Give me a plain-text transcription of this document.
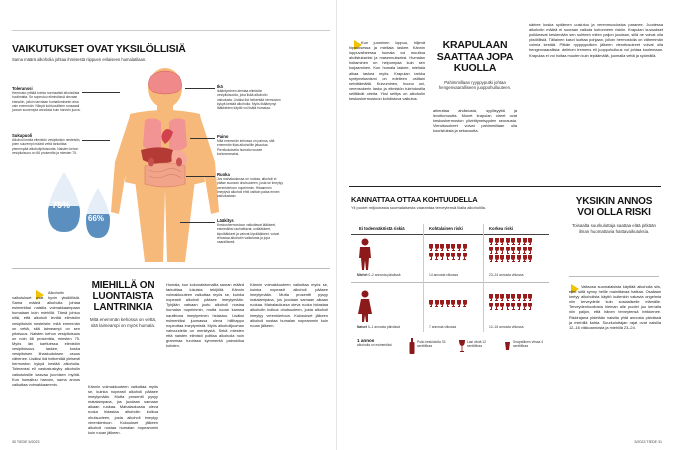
VAIKUTUKSET OVAT YKSILÖLLISIÄ
Sama määrä alkoholia johtaa ihmisestä riippuen erilaiseen humalatilaan.
Toleranssi
Hermosto yrittää toimia normaalisti alkoholista huolimatta. Se sopeutuu elimistössä olevaan etanoliin, jolloin tarvitaan humaltumiseen aina vain enemmän. Niinpä kohtuuullisen runsaasti juovan suurempia annoksia kuin harvoin juova.
Sukupuoli
Alkoholi leviää elimistön vesipitoisiin nesteisiin, joten suurempi määrä vettä tarkoittaa pienempää alkoholipitoisuutta. Naisten kehon vesipitoisuus on 66 prosenttia ja miesten 75.
Ikä
Ikääntyminen alentaa elimistön vesipitoisuutta, joka lisää alkoholin vaikutusta. Lisäksi ikä heikentää hermoston kykyä kestää alkoholia. Myös lisääntynyt lääkkeiden käyttö voi lisätä humalaa.
Paino
Mitä enemmän kehossa on painoa, sitä enemmän tilaa alkoholille jakautua. Pienikokoisella humala nousee korkeammaksi.
Ruoka
Jos mahalaukussa on ruokaa, alkoholi ei pääse suoraan ohutsuoleen, josta se imeytyy verenkiertoon nopeimmin. Hitaammin imeytyvä alkoholi ehtii osittain palaa ennen vaikutustaan.
Lääkitys
Keskushermostoon vaikuttavat lääkkeet, esimerkiksi rauhoittavat, unilääkkeet, kipulääkkeet ja vahvat kipulääkkeet, voivat tehostaa alkoholin vaikutusta ja jopa vaarallisesti.
75%
66%
Alkoholin vaikutukset ovat hyvin yksilöllisiä. Sama määrä alkoholia johtaa esimerkiksi naisilla voimakkaampaan humalaan kuin miehillä. Tämä johtuu siitä, että alkoholi leviää elimistön vesipitoisiin nesteisiin: mitä enemmän on vettä, sitä laimeampi on sen pitoisuus. Naisten kehon vesipitoisuus on noin 66 prosenttia, miesten 75. Myös iän karttuessa elimistön vesipitoisuus laskee, koska vesipitoisen lihaskudoksen osuus vähenee. Lisäksi ikä heikentää yleisesti hermoston kykyä kestää alkoholia. Toleranssi eli vastustuskyky alkoholin vaikutuksille kasvaa juomisen myötä. Kun humaltuu harvoin, sama annos vaikuttaa voimakkaammin.
MIEHILLÄ ON LUONTAISTA LANTRINKIA
Mitä enemmän kehossa on vettä, sitä laimeampi on myös humala.
Kännin voimakkuuteen vaikuttaa myös se, kuinka nopeasti alkoholi pääsee imeytymään. Mutta prosentti pysyy matalampana, jos juodaan samaan aikaan ruokaa. Mahalaukussa oleva ruoka hidastaa alkoholin kulkua ohutsuoleen, josta alkoholi imeytyy verenkiertoon. Kokoukset jälkeen alkoholi nostaa humalan nopeammin kuin ruoan jälkeen.
Humala, kun kokonaistomallia saman määrä tarkoittaa lukuisia tekijöitä. Kännin voimakkuuteen vaikuttaa myös se, kuinka nopeasti alkoholi pääsee imeytymään. Tyhjään vatsaan juotu alkoholi nostaa humalan nopeimmin, mutta ruoan kanssa nautittuna imeytyminen hidastuu. Lisäksi esimerkiksi juomassa oleva hiilihappo nopeuttaa imeytymistä. Myös alkoholijuoman vahvuudella on merkitystä. Sekä miesten että naisten elimistö polttaa alkoholia noin grammaa tunnissa kymmentä painokiloa kohden.
Kännin voimakkuuteen vaikuttaa myös se, kuinka nopeasti alkoholi pääsee imeytymään. Mutta prosentti pysyy matalampana, jos juodaan samaan aikaan ruokaa. Mahalaukussa oleva ruoka hidastaa alkoholin kulkua ohutsuoleen, josta alkoholi imeytyy verenkiertoon. Kokoukset jälkeen alkoholi nostaa humalan nopeammin kuin ruoan jälkeen.
30 TIEDE 5/2023
Kun juominen loppuu, hiljenä hipsuksessa ja mieliala laskee. Kännin loppuvaiheessa humala voi muuttua ahdistukseksi ja masennukseksi. Humalan hoitaminen on helpompaa kuin sen korjaaminen. Kun humala laskee, mieliala alkaa laskea myös. Krapulan tarkka syntymekanismi on edelleen osittain selvittämättä. Kuivuminen, huono uni, verensokerin lasku ja elimistön tulehdustila selittävät oireita. Yksi selitys on alkoholin keskushermostoon kohdistuva vaikutus.
KRAPULAAN SAATTAA JOPA KUOLLA
Pahimmillaan ryyppyputki johtaa hengenvaaralliseen juoppohulluuteen.
aiheuttaa ahdistusta, syyllisyyttä ja levottomuutta. Monet krapulan oireet ovat keskushermoston ylivirittyneisyyden seurausta. Vieroitusoireet voivat pahimmillaan olla kouristuksia ja sekavuutta.
särkee koska sydämen uusiutuu ja verenmuodostus paranee. Juodessa alkoholin määrä ei suoraan vaikuta kohonneen riskiin. Krapulan kuvaukset poikkeavat keskenään sen suhteen miten paljon juodaan, sillä ne voivat olla yksilöllisiä. Tällainen kasvi luottaa pohjaan, jolloin hermostolla on vähemmän voimia kestää. Pitkän ryyppyputken jälkeen vieroitusoireet voivat olla hengenvaarallisia: delirium tremens eli juoppohulluus voi johtaa kuolemaan. Krapulaa ei voi hoitaa muuten kuin lepäämällä, juomalla vettä ja syömällä.
KANNATTAA OTTAA KOHTUUDELLA
Yli puolet miljoonasta suomalaisesta vaarantaa terveytensä liialla alkoholilla.
Ei todennäköistä riskiä	Kohtalainen riski	Korkea riski
Miehet 0–2 annosta päivässä	14 annosta viikossa	23–24 annosta viikossa
Naiset 0–1 annosta päivässä	7 annosta viikossa	12–16 annosta viikossa
1 annos
alkoholia on esimerkiksi
Pullo keskiolutta 33 senttilitraa
Lasi viiniä 12 senttilitraa
Snapsillinen viinaa 4 senttilitraa
YKSIKIN ANNOS VOI OLLA RISKI
Toisaalta suurkuluttaja saattaa elää pitkään ilman huomattavia haittavaikutuksia.
Valtaosa suomalaisista käyttää alkoholia siis, ettei siitä synny heille mainittavaa haittaa. Osallaan kertyy alkoholista käyttö kuitenkin vakavia ongelmia niin terveydelle kuin sosiaaliselle elämälle. Terveydenhuoltosta hieman alle puolet juo kerralla niin paljon, että hänen terveytensä heikkenee. Riskirajana pidetään naisilla yhtä annosta päivässä ja miehillä kahta. Suurkuluttajan rajat ovat naisilla 12–16 viikkoannosta ja miehillä 23–24.
5/2023 TIEDE 31
